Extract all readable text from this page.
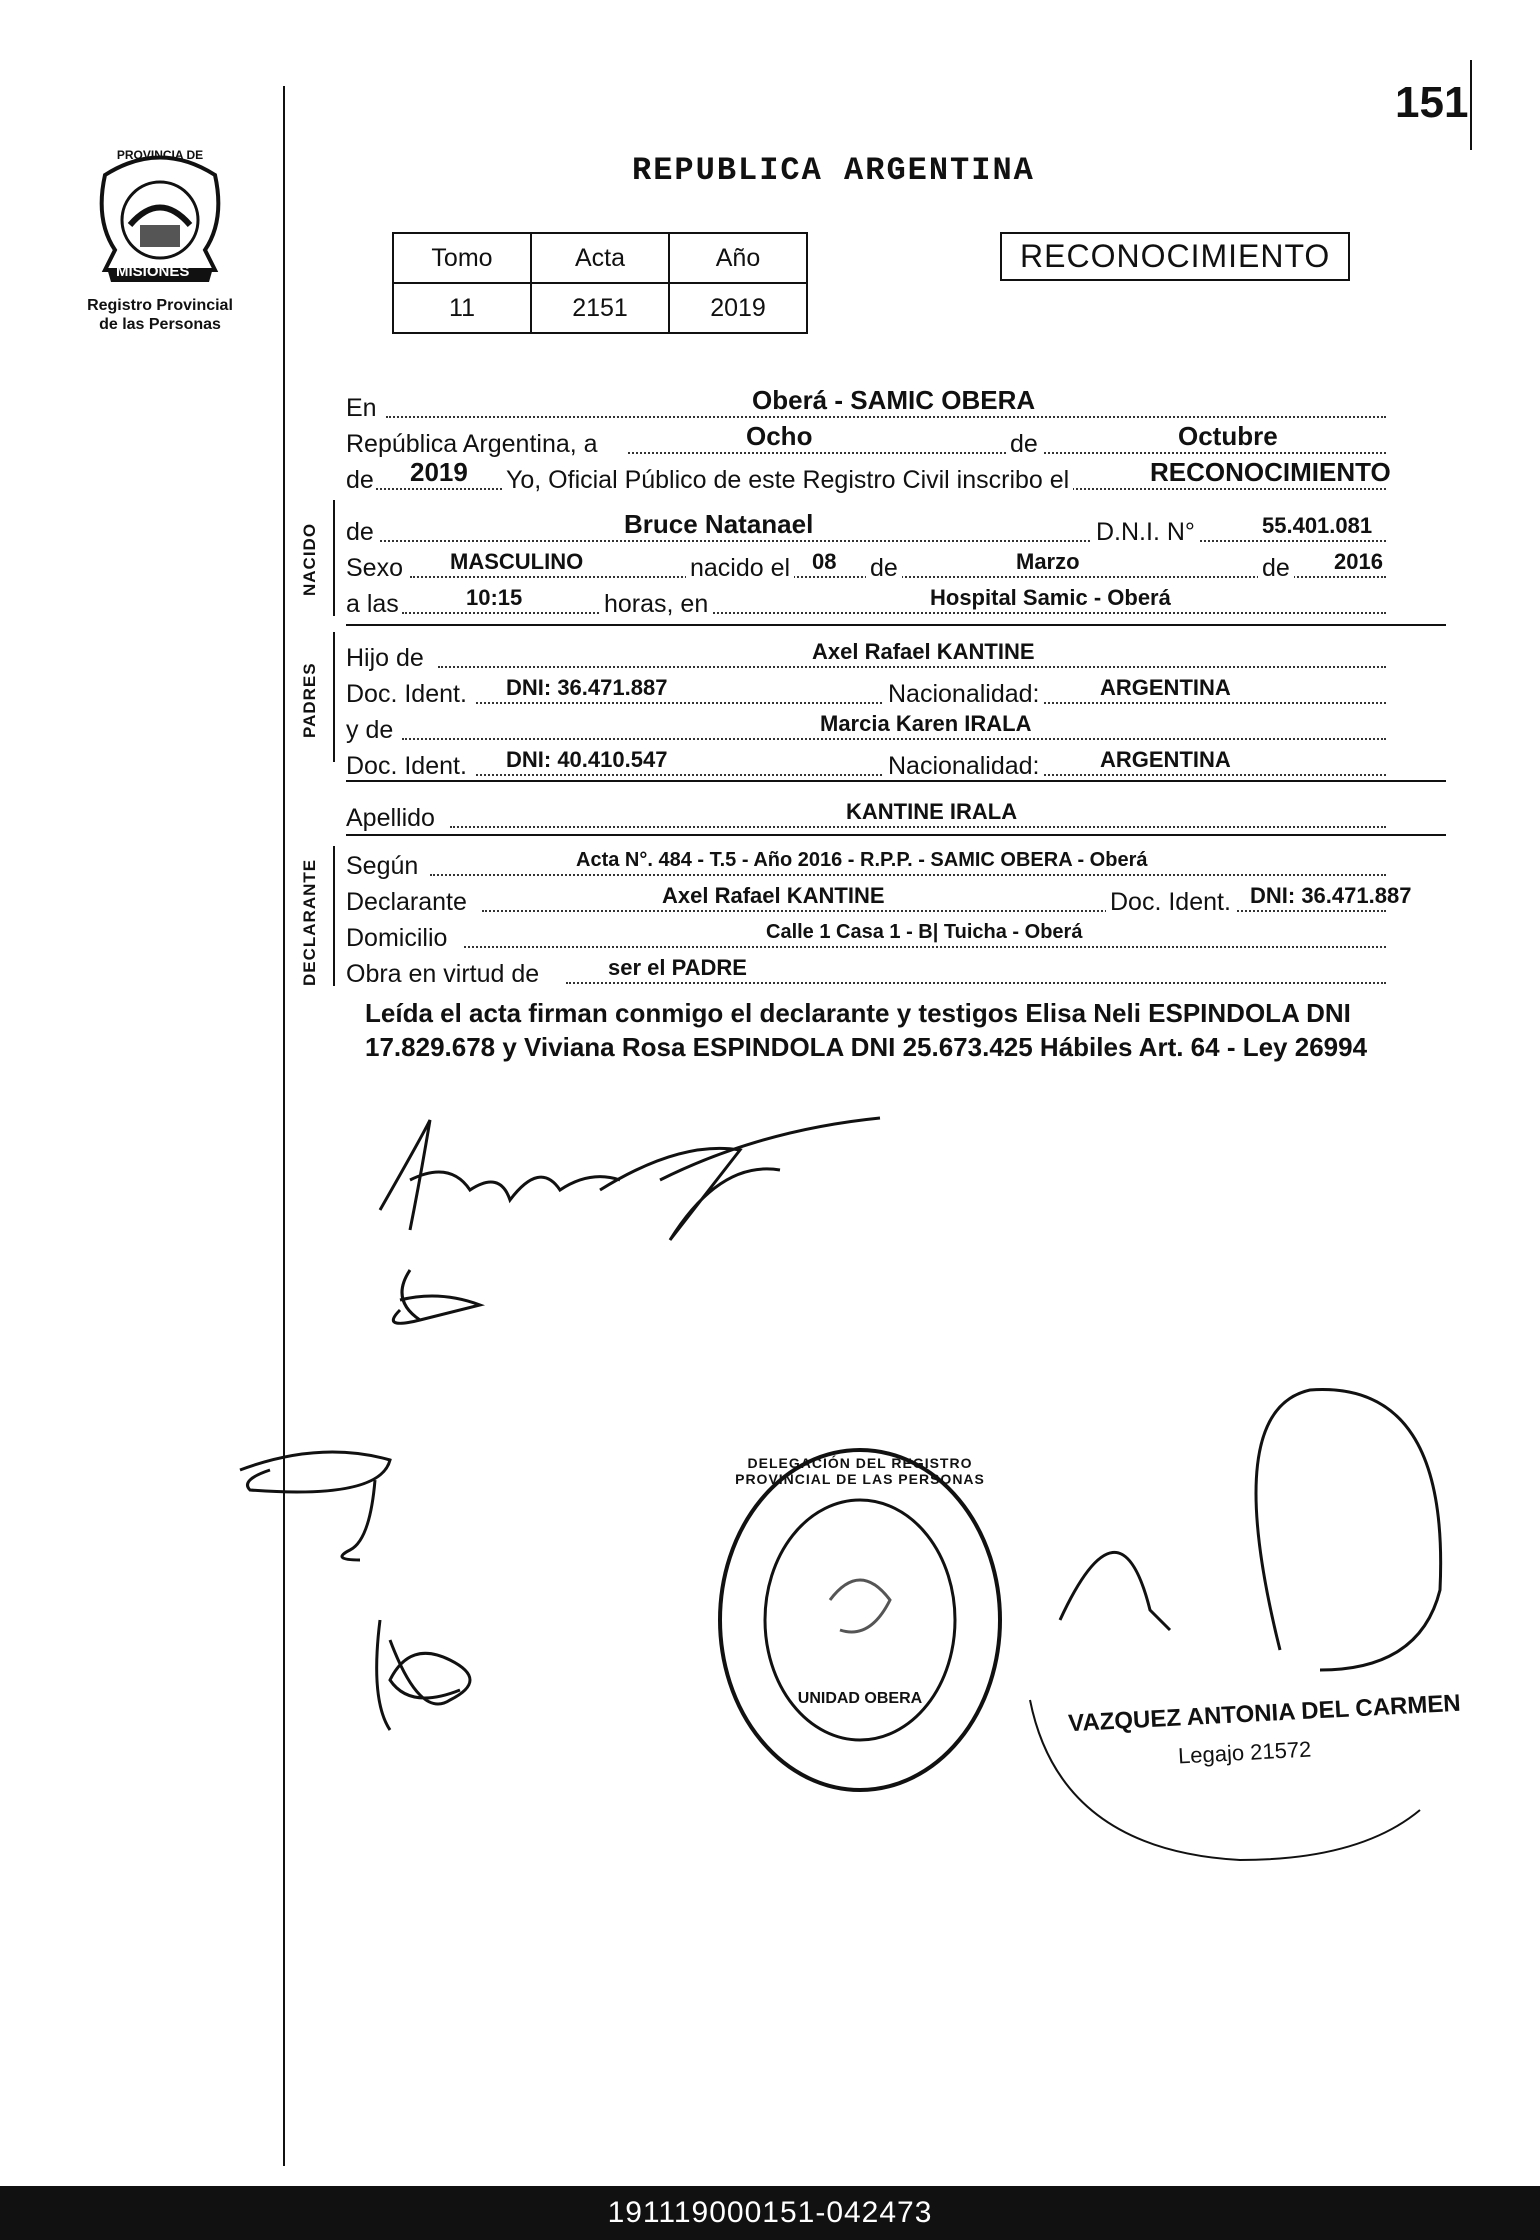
PROVINCIA DE
MISIONES
Registro Provincial
de las Personas
151
REPUBLICA ARGENTINA
Tomo	Acta	Año
11	2151	2019
RECONOCIMIENTO
En	Oberá - SAMIC OBERA
República Argentina, a	Ocho	de	Octubre
de 2019 Yo, Oficial Público de este Registro Civil inscribo el	RECONOCIMIENTO
NACIDO de	Bruce Natanael	D.N.I. N°	55.401.081
Sexo MASCULINO	nacido el 08 de	Marzo	de 2016
a las	10:15	horas, en	Hospital Samic - Oberá
PADRES
Hijo de	Axel Rafael KANTINE
Doc. Ident. DNI: 36.471.887	Nacionalidad:	ARGENTINA
y de	Marcia Karen IRALA
Doc. Ident. DNI: 40.410.547	Nacionalidad:	ARGENTINA
Apellido	KANTINE IRALA
DECLARANTE Según	Acta N°. 484 - T.5 - Año 2016 - R.P.P. - SAMIC OBERA - Oberá
Declarante	Axel Rafael KANTINE	Doc. Ident. DNI: 36.471.887
Domicilio	Calle 1 Casa 1 - B| Tuicha - Oberá
Obra en virtud de	ser el PADRE
Leída el acta firman conmigo el declarante y testigos Elisa Neli ESPINDOLA DNI 17.829.678 y Viviana Rosa ESPINDOLA DNI 25.673.425 Hábiles Art. 64 - Ley 26994
DELEGACIÓN DEL REGISTRO PROVINCIAL DE LAS PERSONAS
UNIDAD OBERA	VAZQUEZ ANTONIA DEL CARMEN
Legajo 21572
191119000151-042473
